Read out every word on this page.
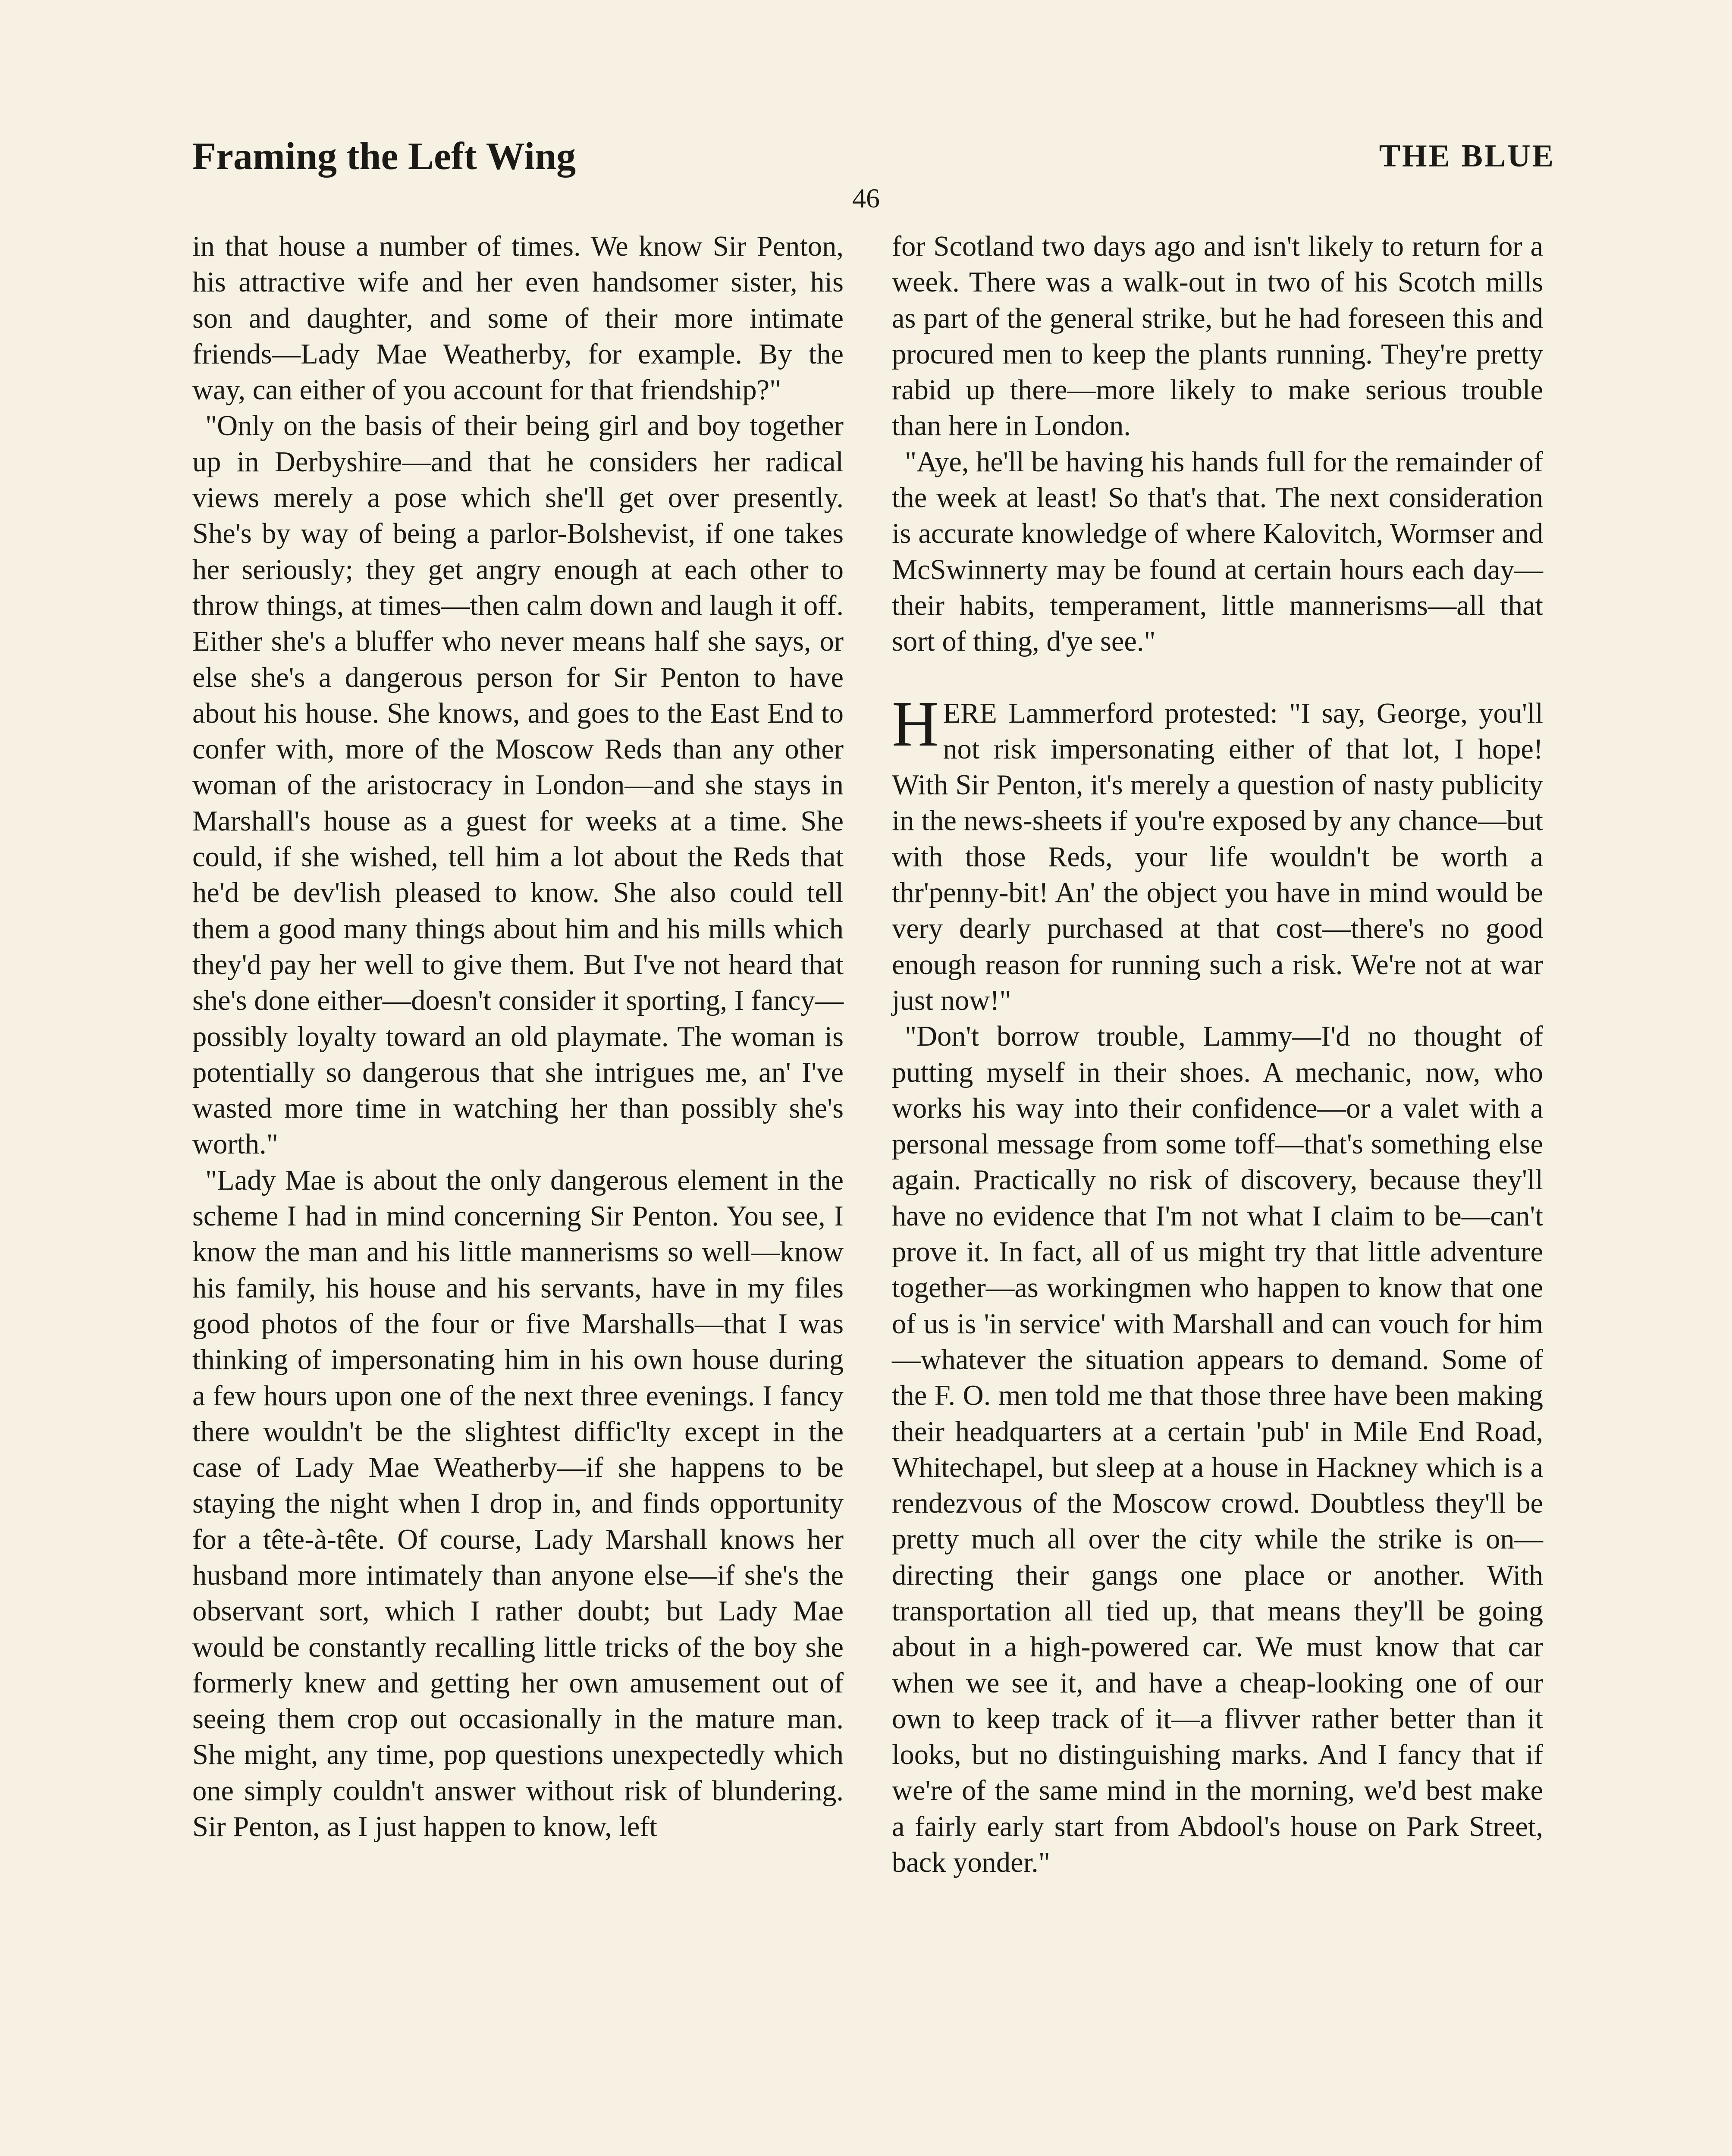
Framing the Left Wing	THE BLUE
46

in that house a number of times. We know Sir Penton, his attractive wife and her even handsomer sister, his son and daughter, and some of their more intimate friends—Lady Mae Weatherby, for example. By the way, can either of you account for that friendship?"

"Only on the basis of their being girl and boy together up in Derbyshire—and that he considers her radical views merely a pose which she'll get over presently. She's by way of being a parlor-Bolshevist, if one takes her seriously; they get angry enough at each other to throw things, at times—then calm down and laugh it off. Either she's a bluffer who never means half she says, or else she's a dangerous person for Sir Penton to have about his house. She knows, and goes to the East End to confer with, more of the Moscow Reds than any other woman of the aristocracy in London—and she stays in Marshall's house as a guest for weeks at a time. She could, if she wished, tell him a lot about the Reds that he'd be dev'lish pleased to know. She also could tell them a good many things about him and his mills which they'd pay her well to give them. But I've not heard that she's done either—doesn't consider it sporting, I fancy—possibly loyalty toward an old playmate. The woman is potentially so dangerous that she intrigues me, an' I've wasted more time in watching her than possibly she's worth."

"Lady Mae is about the only dangerous element in the scheme I had in mind concerning Sir Penton. You see, I know the man and his little mannerisms so well—know his family, his house and his servants, have in my files good photos of the four or five Marshalls—that I was thinking of impersonating him in his own house during a few hours upon one of the next three evenings. I fancy there wouldn't be the slightest diffic'lty except in the case of Lady Mae Weatherby—if she happens to be staying the night when I drop in, and finds opportunity for a tête-à-tête. Of course, Lady Marshall knows her husband more intimately than anyone else—if she's the observant sort, which I rather doubt; but Lady Mae would be constantly recalling little tricks of the boy she formerly knew and getting her own amusement out of seeing them crop out occasionally in the mature man. She might, any time, pop questions unexpectedly which one simply couldn't answer without risk of blundering. Sir Penton, as I just happen to know, left

for Scotland two days ago and isn't likely to return for a week. There was a walk-out in two of his Scotch mills as part of the general strike, but he had foreseen this and procured men to keep the plants running. They're pretty rabid up there—more likely to make serious trouble than here in London.

"Aye, he'll be having his hands full for the remainder of the week at least! So that's that. The next consideration is accurate knowledge of where Kalovitch, Wormser and McSwinnerty may be found at certain hours each day—their habits, temperament, little mannerisms—all that sort of thing, d'ye see."

HERE Lammerford protested: "I say, George, you'll not risk impersonating either of that lot, I hope! With Sir Penton, it's merely a question of nasty publicity in the news-sheets if you're exposed by any chance—but with those Reds, your life wouldn't be worth a thr'penny-bit! An' the object you have in mind would be very dearly purchased at that cost—there's no good enough reason for running such a risk. We're not at war just now!"

"Don't borrow trouble, Lammy—I'd no thought of putting myself in their shoes. A mechanic, now, who works his way into their confidence—or a valet with a personal message from some toff—that's something else again. Practically no risk of discovery, because they'll have no evidence that I'm not what I claim to be—can't prove it. In fact, all of us might try that little adventure together—as workingmen who happen to know that one of us is 'in service' with Marshall and can vouch for him—whatever the situation appears to demand. Some of the F. O. men told me that those three have been making their headquarters at a certain 'pub' in Mile End Road, Whitechapel, but sleep at a house in Hackney which is a rendezvous of the Moscow crowd. Doubtless they'll be pretty much all over the city while the strike is on—directing their gangs one place or another. With transportation all tied up, that means they'll be going about in a high-powered car. We must know that car when we see it, and have a cheap-looking one of our own to keep track of it—a flivver rather better than it looks, but no distinguishing marks. And I fancy that if we're of the same mind in the morning, we'd best make a fairly early start from Abdool's house on Park Street, back yonder."
